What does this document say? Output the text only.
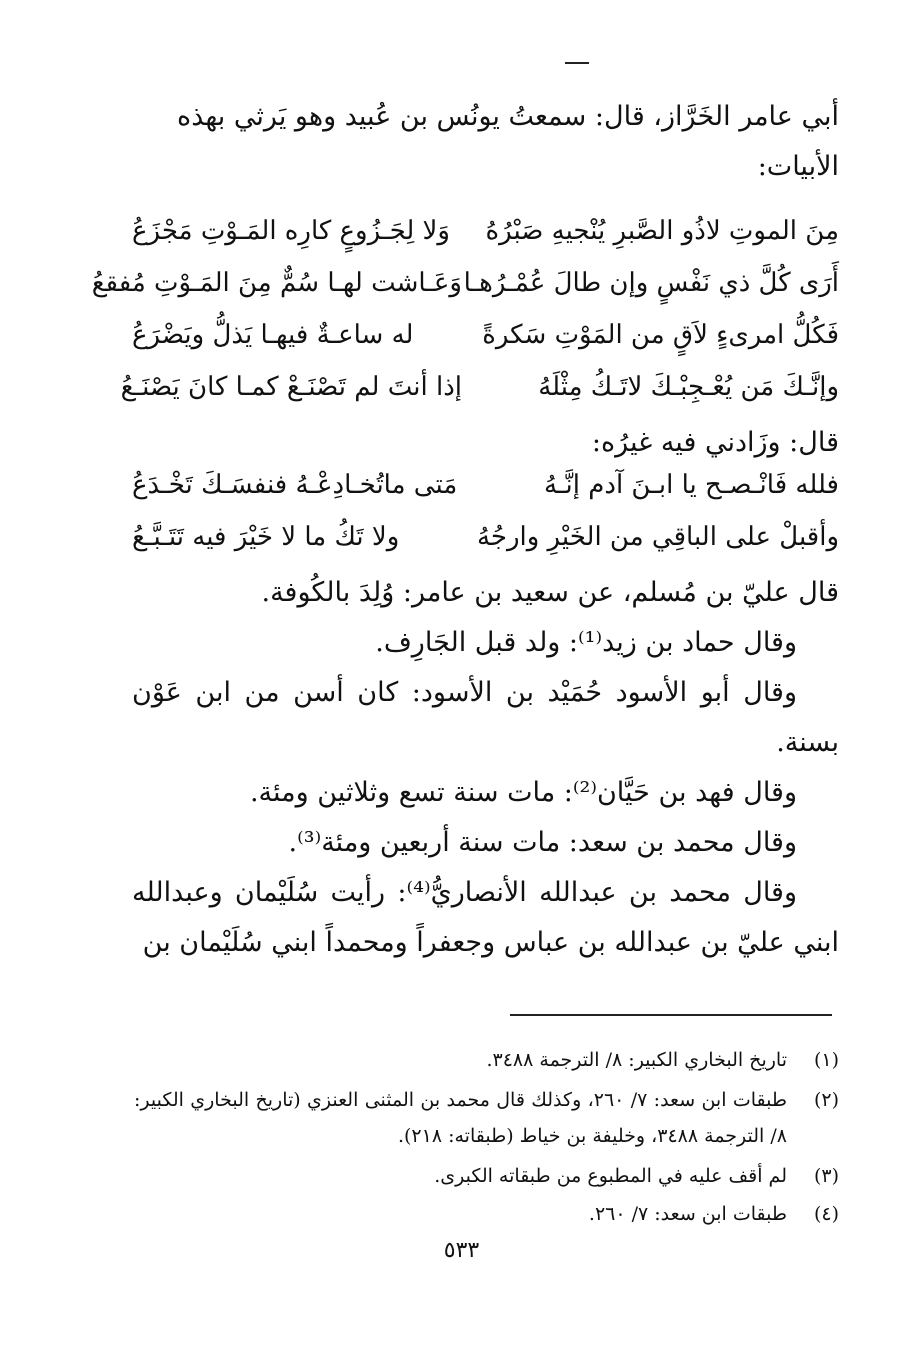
أبي عامر الخَرَّاز، قال: سمعتُ يونُس بن عُبيد وهو يَرثي بهذه
الأبيات:

مِنَ الموتِ لاذُو الصَّبرِ يُنْجيهِ صَبْرُهُ
وَلا لِجَـزُوعٍ كارِه المَـوْتِ مَجْزَعُ
أَرَى كُلَّ ذي نَفْسٍ وإن طالَ عُمْـرُهـا
وَعَـاشت لهـا سُمٌّ مِنَ المَـوْتِ مُفقعُ
فَكُلُّ امرىءٍ لاَقٍ من المَوْتِ سَكرةً
له ساعـةٌ فيهـا يَذلُّ ويَضْرَعُ
وإنَّـكَ مَن يُعْـجِبْـكَ لاتَـكُ مِثْلَهُ
إذا أنتَ لم تَصْنَـعْ كمـا كانَ يَصْنَـعُ

قال: وزَادني فيه غيرُه:

فلله فَانْـصـح يا ابـنَ آدم إنَّـهُ
مَتى ماتُخـادِعْـهُ فنفسَـكَ تَخْـدَعُ
وأقبلْ على الباقِي من الخَيْرِ وارجُهُ
ولا تَكُ ما لا خَيْرَ فيه تَتَـبَّـعُ

قال عليّ بن مُسلم، عن سعيد بن عامر: وُلِدَ بالكُوفة.

وقال حماد بن زيد⁽¹⁾: ولد قبل الجَارِف.

وقال أبو الأسود حُمَيْد بن الأسود: كان أسن من ابن عَوْن بسنة.

وقال فهد بن حَيَّان⁽²⁾: مات سنة تسع وثلاثين ومئة.

وقال محمد بن سعد: مات سنة أربعين ومئة⁽³⁾.

وقال محمد بن عبدالله الأنصاريُّ⁽⁴⁾: رأيت سُلَيْمان وعبدالله ابني عليّ بن عبدالله بن عباس وجعفراً ومحمداً ابني سُلَيْمان بن

(١)
تاريخ البخاري الكبير: ٨/ الترجمة ٣٤٨٨.
(٢)
طبقات ابن سعد: ٧/ ٢٦٠، وكذلك قال محمد بن المثنى العنزي (تاريخ البخاري الكبير: ٨/ الترجمة ٣٤٨٨، وخليفة بن خياط (طبقاته: ٢١٨).
(٣)
لم أقف عليه في المطبوع من طبقاته الكبرى.
(٤)
طبقات ابن سعد: ٧/ ٢٦٠.
٥٣٣
